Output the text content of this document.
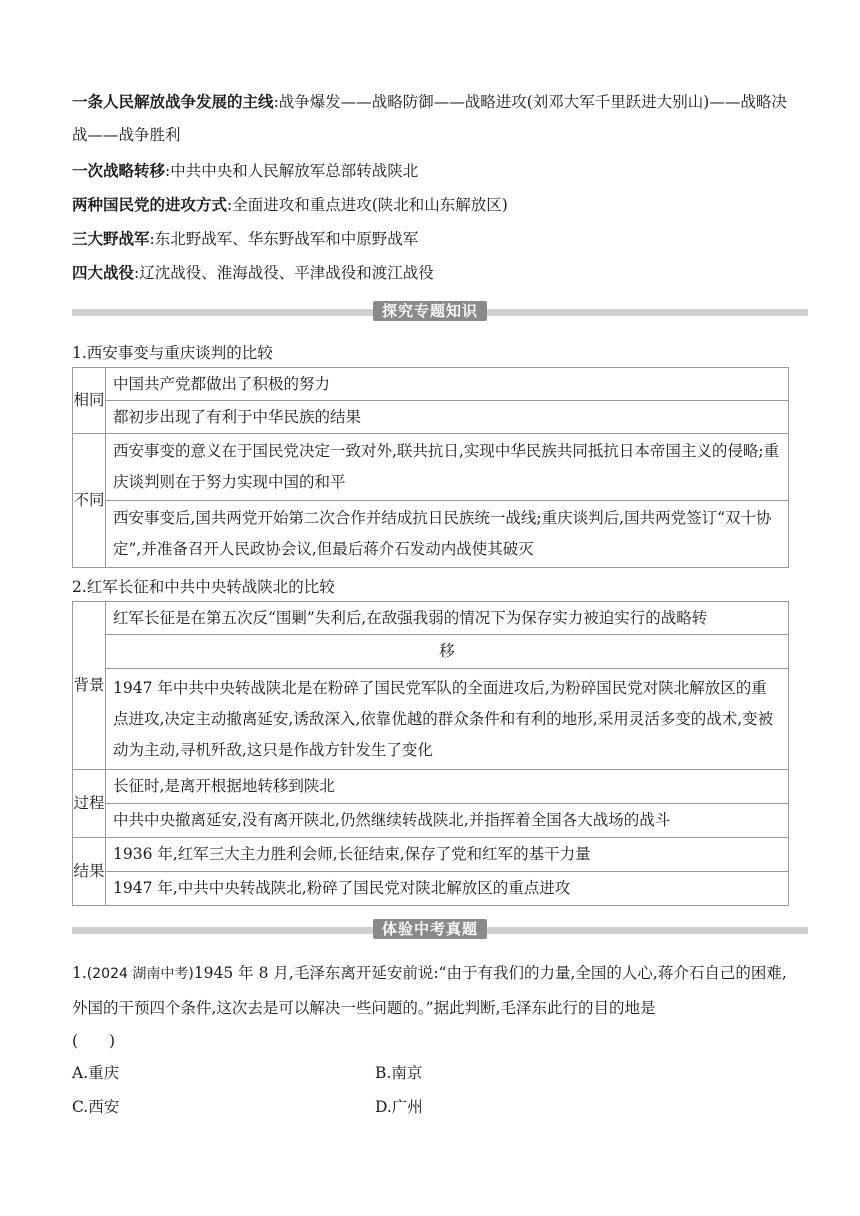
一条人民解放战争发展的主线:战争爆发——战略防御——战略进攻(刘邓大军千里跃进大别山)——战略决战——战争胜利
一次战略转移:中共中央和人民解放军总部转战陕北
两种国民党的进攻方式:全面进攻和重点进攻(陕北和山东解放区)
三大野战军:东北野战军、华东野战军和中原野战军
四大战役:辽沈战役、淮海战役、平津战役和渡江战役
探究专题知识
1.西安事变与重庆谈判的比较
相同	中国共产党都做出了积极的努力
	都初步出现了有利于中华民族的结果
不同	西安事变的意义在于国民党决定一致对外,联共抗日,实现中华民族共同抵抗日本帝国主义的侵略;重庆谈判则在于努力实现中国的和平
	西安事变后,国共两党开始第二次合作并结成抗日民族统一战线;重庆谈判后,国共两党签订“双十协定”,并准备召开人民政协会议,但最后蒋介石发动内战使其破灭
2.红军长征和中共中央转战陕北的比较
背景	红军长征是在第五次反“围剿”失利后,在敌强我弱的情况下为保存实力被迫实行的战略转
	移
	1947 年中共中央转战陕北是在粉碎了国民党军队的全面进攻后,为粉碎国民党对陕北解放区的重点进攻,决定主动撤离延安,诱敌深入,依靠优越的群众条件和有利的地形,采用灵活多变的战术,变被动为主动,寻机歼敌,这只是作战方针发生了变化
过程	长征时,是离开根据地转移到陕北
	中共中央撤离延安,没有离开陕北,仍然继续转战陕北,并指挥着全国各大战场的战斗
结果	1936 年,红军三大主力胜利会师,长征结束,保存了党和红军的基干力量
	1947 年,中共中央转战陕北,粉碎了国民党对陕北解放区的重点进攻
体验中考真题
1.(2024 湖南中考)1945 年 8 月,毛泽东离开延安前说:“由于有我们的力量,全国的人心,蒋介石自己的困难,外国的干预四个条件,这次去是可以解决一些问题的。”据此判断,毛泽东此行的目的地是
(　　)
A.重庆	B.南京
C.西安	D.广州
